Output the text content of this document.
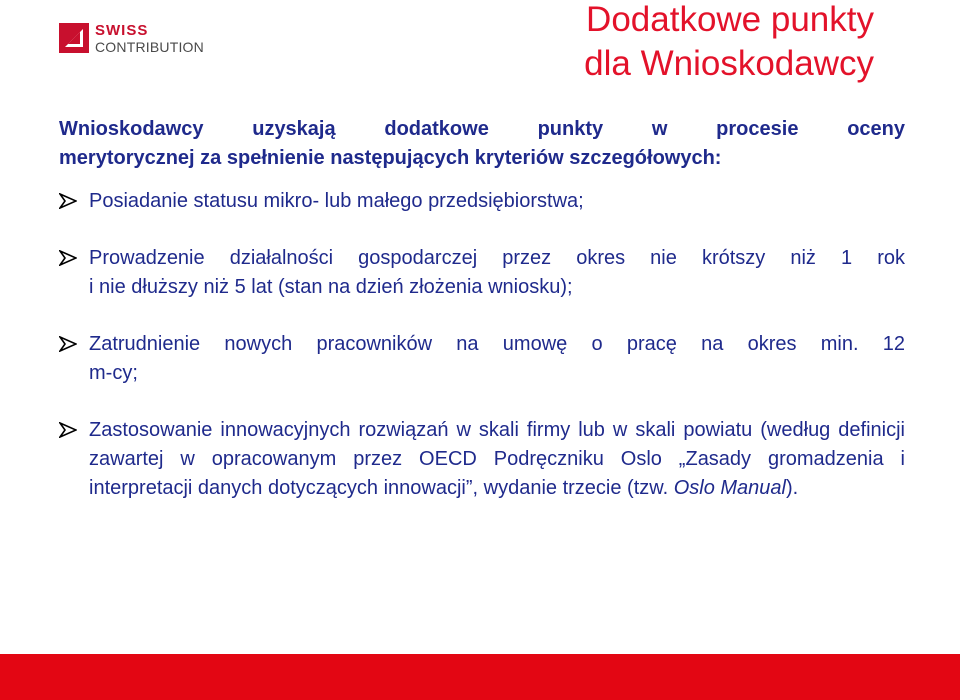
SWISS
CONTRIBUTION
Dodatkowe punkty
dla Wnioskodawcy

Wnioskodawcy uzyskają dodatkowe punkty w procesie oceny
merytorycznej za spełnienie następujących kryteriów szczegółowych:

Posiadanie statusu mikro- lub małego przedsiębiorstwa;
Prowadzenie działalności gospodarczej przez okres nie krótszy niż 1 rok
i nie dłuższy niż 5 lat (stan na dzień złożenia wniosku);
Zatrudnienie nowych pracowników na umowę o pracę na okres min. 12
m-cy;
Zastosowanie innowacyjnych rozwiązań w skali firmy lub w skali powiatu (według definicji zawartej w opracowanym przez OECD Podręczniku Oslo „Zasady gromadzenia i interpretacji danych dotyczących innowacji”, wydanie trzecie (tzw. Oslo Manual).
